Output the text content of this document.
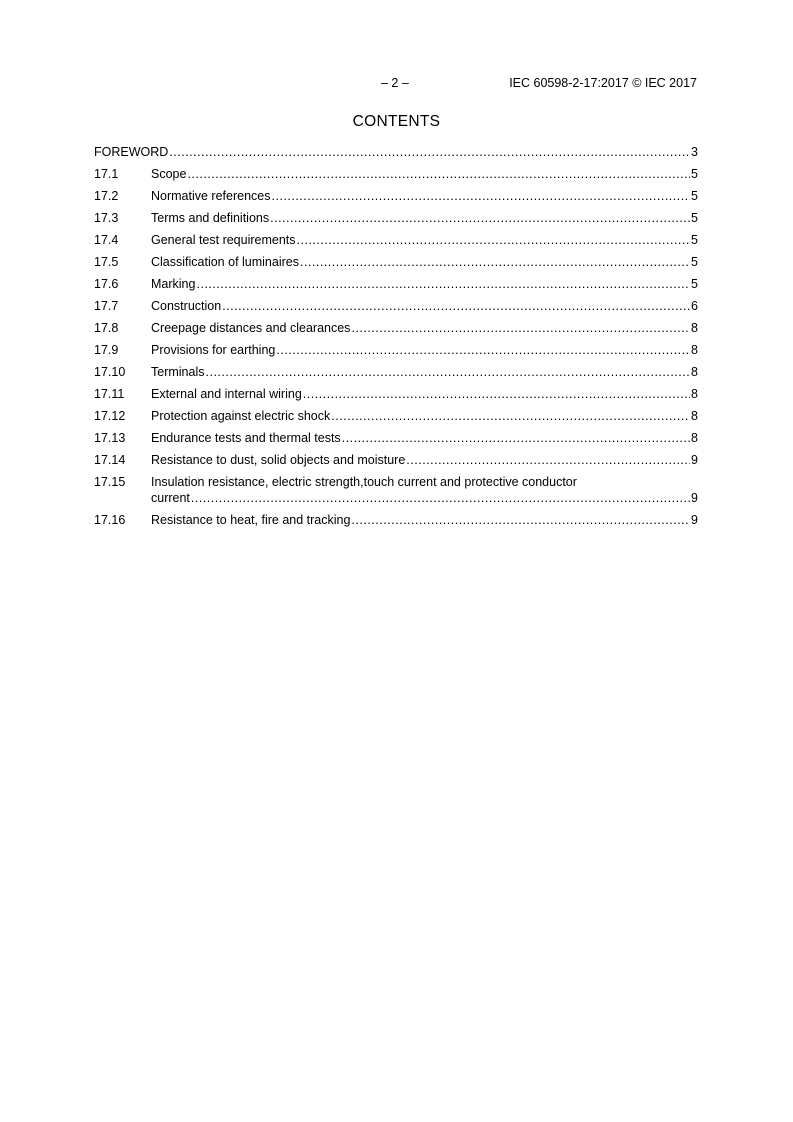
– 2 –	IEC 60598-2-17:2017 © IEC 2017
CONTENTS
FOREWORD .....	3
17.1	Scope .....	5
17.2	Normative references .....	5
17.3	Terms and definitions .....	5
17.4	General test requirements .....	5
17.5	Classification of luminaires .....	5
17.6	Marking .....	5
17.7	Construction .....	6
17.8	Creepage distances and clearances .....	8
17.9	Provisions for earthing .....	8
17.10 Terminals .....	8
17.11 External and internal wiring .....	8
17.12 Protection against electric shock .....	8
17.13 Endurance tests and thermal tests .....	8
17.14 Resistance to dust, solid objects and moisture .....	9
17.15 Insulation resistance, electric strength,touch current and protective conductor
current .....	9
17.16 Resistance to heat, fire and tracking .....	9
